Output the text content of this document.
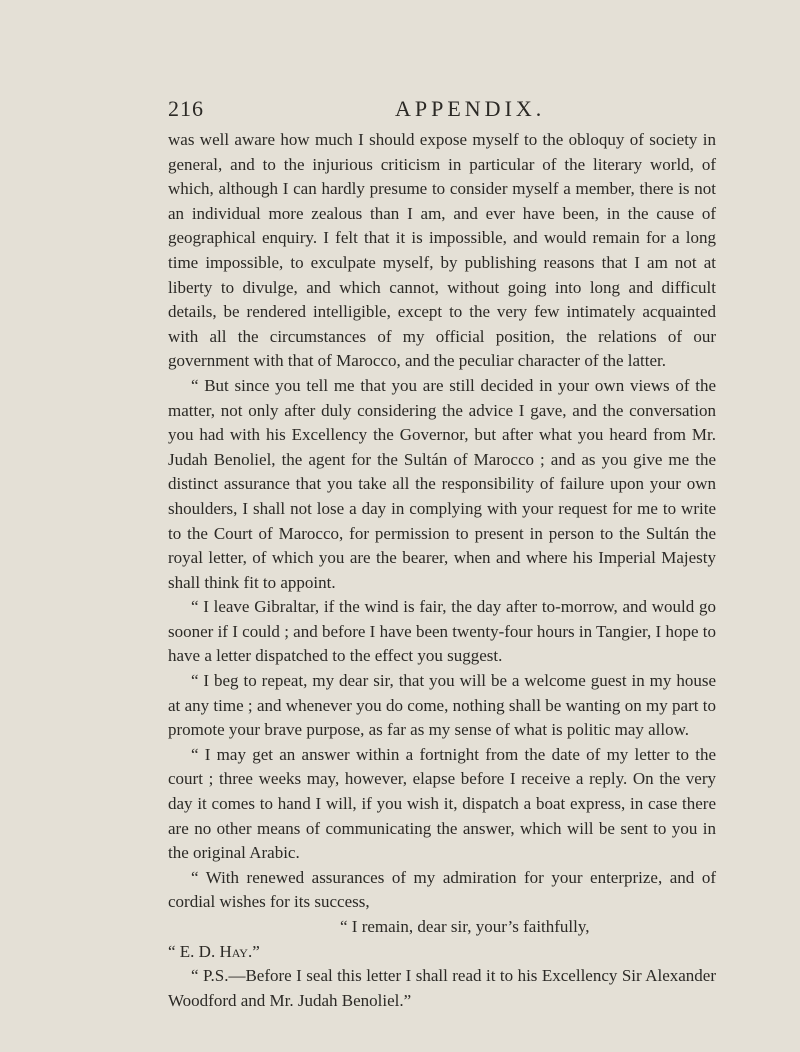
216	APPENDIX.

was well aware how much I should expose myself to the obloquy of society in general, and to the injurious criticism in particular of the literary world, of which, although I can hardly presume to consider myself a member, there is not an individual more zealous than I am, and ever have been, in the cause of geographical enquiry. I felt that it is impossible, and would remain for a long time impossible, to exculpate myself, by publishing reasons that I am not at liberty to divulge, and which cannot, without going into long and difficult details, be rendered intelligible, except to the very few intimately acquainted with all the circumstances of my official position, the relations of our government with that of Marocco, and the peculiar character of the latter.

“ But since you tell me that you are still decided in your own views of the matter, not only after duly considering the advice I gave, and the conversation you had with his Excellency the Governor, but after what you heard from Mr. Judah Benoliel, the agent for the Sultán of Marocco ; and as you give me the distinct assurance that you take all the responsibility of failure upon your own shoulders, I shall not lose a day in complying with your request for me to write to the Court of Marocco, for permission to present in person to the Sultán the royal letter, of which you are the bearer, when and where his Imperial Majesty shall think fit to appoint.

“ I leave Gibraltar, if the wind is fair, the day after to-morrow, and would go sooner if I could ; and before I have been twenty-four hours in Tangier, I hope to have a letter dispatched to the effect you suggest.

“ I beg to repeat, my dear sir, that you will be a welcome guest in my house at any time ; and whenever you do come, nothing shall be wanting on my part to promote your brave purpose, as far as my sense of what is politic may allow.

“ I may get an answer within a fortnight from the date of my letter to the court ; three weeks may, however, elapse before I receive a reply. On the very day it comes to hand I will, if you wish it, dispatch a boat express, in case there are no other means of communicating the answer, which will be sent to you in the original Arabic.

“ With renewed assurances of my admiration for your enterprize, and of cordial wishes for its success,

“ I remain, dear sir, your’s faithfully,

“ E. D. Hay.”

“ P.S.—Before I seal this letter I shall read it to his Excellency Sir Alexander Woodford and Mr. Judah Benoliel.”
